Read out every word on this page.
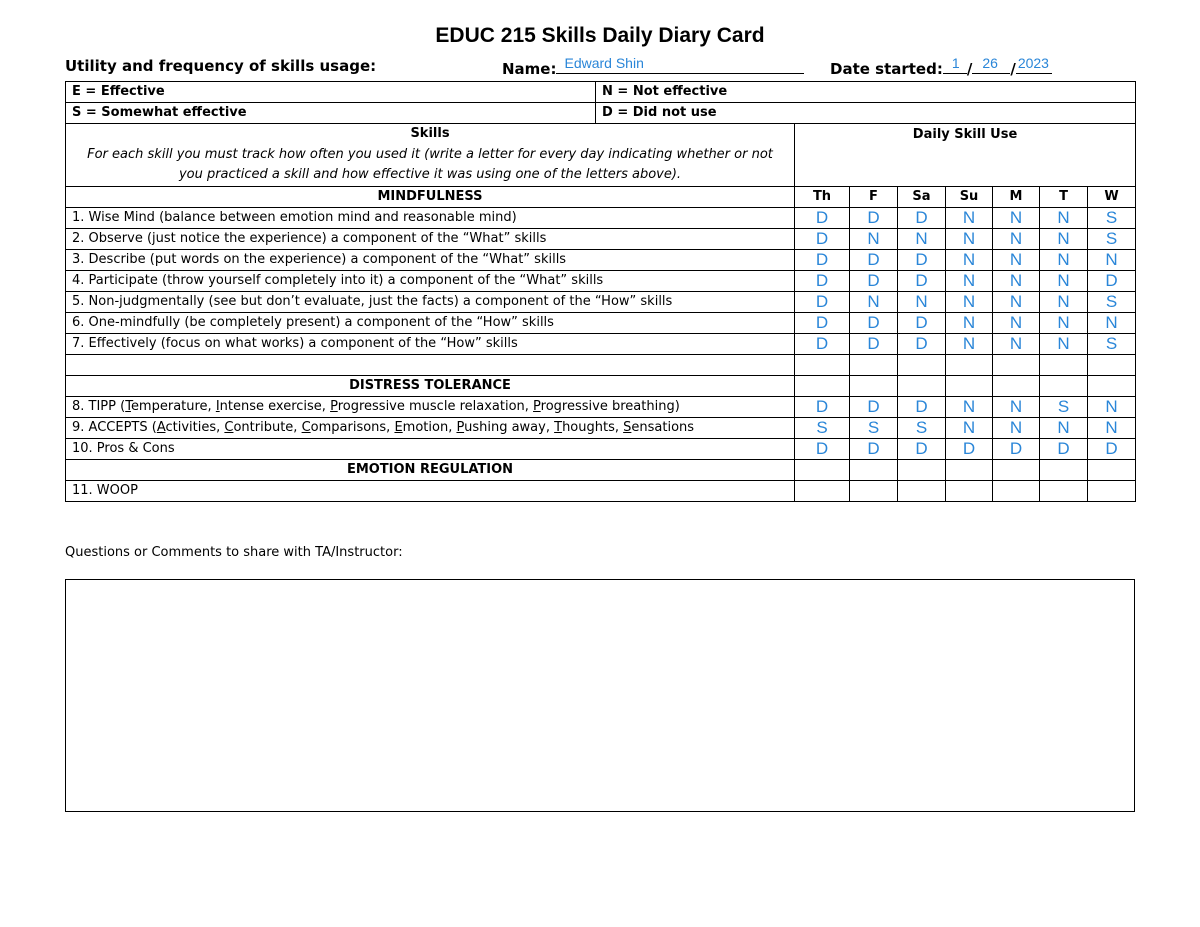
EDUC 215 Skills Daily Diary Card
Utility and frequency of skills usage:	Name: Edward Shin	Date started: 1 / 26 / 2023
E = Effective	N = Not effective							
S = Somewhat effective	D = Did not use							

Skills
For each skill you must track how often you used it (write a letter for every day indicating whether or not
you practiced a skill and how effective it was using one of the letters above).		Daily Skill Use						
MINDFULNESS		Th	F	Sa	Su	M	T	W
1. Wise Mind (balance between emotion mind and reasonable mind)		D	D	D	N	N	N	S
2. Observe (just notice the experience) a component of the “What” skills		D	N	N	N	N	N	S
3. Describe (put words on the experience) a component of the “What” skills		D	D	D	N	N	N	N
4. Participate (throw yourself completely into it) a component of the “What” skills		D	D	D	N	N	N	D
5. Non-judgmentally (see but don’t evaluate, just the facts) a component of the “How” skills		D	N	N	N	N	N	S
6. One-mindfully (be completely present) a component of the “How” skills		D	D	D	N	N	N	N
7. Effectively (focus on what works) a component of the “How” skills		D	D	D	N	N	N	S

DISTRESS TOLERANCE								
8. TIPP (Temperature, Intense exercise, Progressive muscle relaxation, Progressive breathing)		D	D	D	N	N	S	N
9. ACCEPTS (Activities, Contribute, Comparisons, Emotion, Pushing away, Thoughts, Sensations		S	S	S	N	N	N	N
10. Pros & Cons		D	D	D	D	D	D	D
EMOTION REGULATION								
11. WOOP								
Questions or Comments to share with TA/Instructor:
